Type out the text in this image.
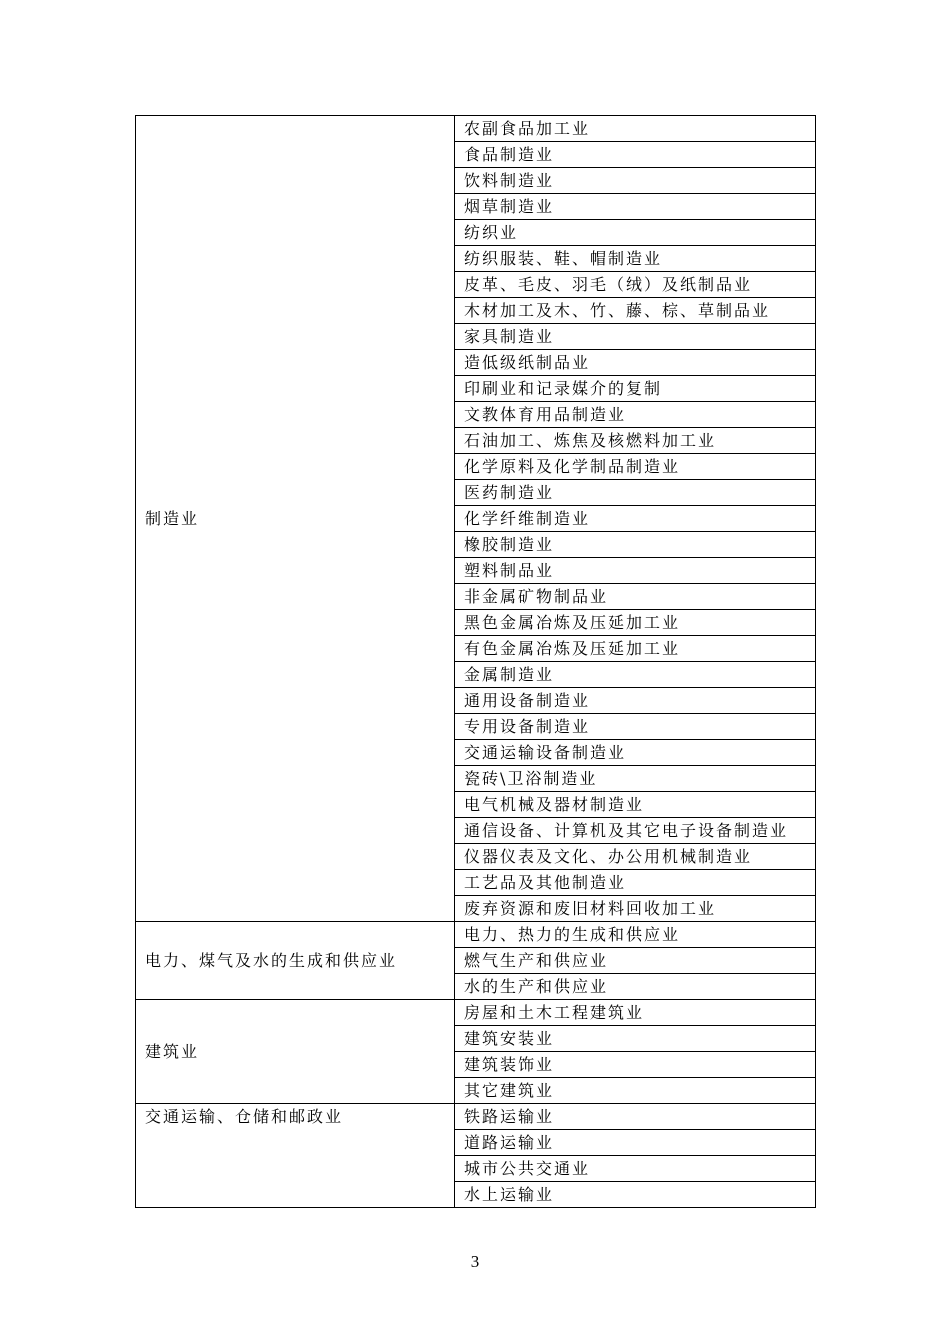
制造业	农副食品加工业
	食品制造业
	饮料制造业
	烟草制造业
	纺织业
	纺织服装、鞋、帽制造业
	皮革、毛皮、羽毛（绒）及纸制品业
	木材加工及木、竹、藤、棕、草制品业
	家具制造业
	造低级纸制品业
	印刷业和记录媒介的复制
	文教体育用品制造业
	石油加工、炼焦及核燃料加工业
	化学原料及化学制品制造业
	医药制造业
	化学纤维制造业
	橡胶制造业
	塑料制品业
	非金属矿物制品业
	黑色金属冶炼及压延加工业
	有色金属冶炼及压延加工业
	金属制造业
	通用设备制造业
	专用设备制造业
	交通运输设备制造业
	瓷砖\卫浴制造业
	电气机械及器材制造业
	通信设备、计算机及其它电子设备制造业
	仪器仪表及文化、办公用机械制造业
	工艺品及其他制造业
	废弃资源和废旧材料回收加工业
电力、煤气及水的生成和供应业	电力、热力的生成和供应业
	燃气生产和供应业
	水的生产和供应业
建筑业	房屋和土木工程建筑业
	建筑安装业
	建筑装饰业
	其它建筑业
交通运输、仓储和邮政业	铁路运输业
	道路运输业
	城市公共交通业
	水上运输业
3
